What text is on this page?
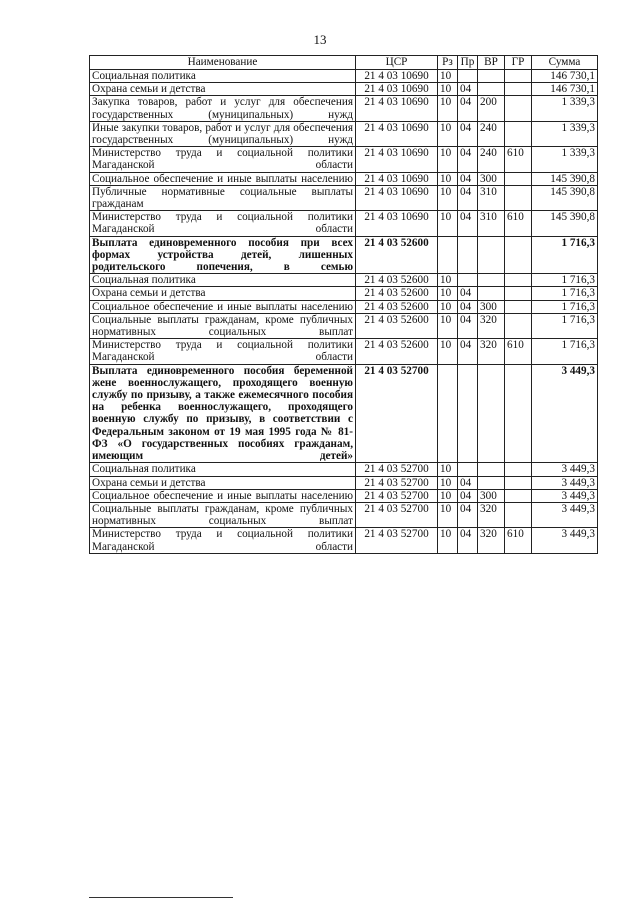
13
Наименование	ЦСР	Рз	Пр	ВР	ГР	Сумма
Социальная политика	21 4 03 10690	10				146 730,1
Охрана семьи и детства	21 4 03 10690	10	04			146 730,1
Закупка товаров, работ и услуг для обеспечения государственных (муниципальных) нужд	21 4 03 10690	10	04	200		1 339,3
Иные закупки товаров, работ и услуг для обеспечения государственных (муниципальных) нужд	21 4 03 10690	10	04	240		1 339,3
Министерство труда и социальной политики Магаданской области	21 4 03 10690	10	04	240	610	1 339,3
Социальное обеспечение и иные выплаты населению	21 4 03 10690	10	04	300		145 390,8
Публичные нормативные социальные выплаты гражданам	21 4 03 10690	10	04	310		145 390,8
Министерство труда и социальной политики Магаданской области	21 4 03 10690	10	04	310	610	145 390,8
Выплата единовременного пособия при всех формах устройства детей, лишенных родительского попечения, в семью	21 4 03 52600					1 716,3
Социальная политика	21 4 03 52600	10				1 716,3
Охрана семьи и детства	21 4 03 52600	10	04			1 716,3
Социальное обеспечение и иные выплаты населению	21 4 03 52600	10	04	300		1 716,3
Социальные выплаты гражданам, кроме публичных нормативных социальных выплат	21 4 03 52600	10	04	320		1 716,3
Министерство труда и социальной политики Магаданской области	21 4 03 52600	10	04	320	610	1 716,3
Выплата единовременного пособия беременной жене военнослужащего, проходящего военную службу по призыву, а также ежемесячного пособия на ребенка военнослужащего, проходящего военную службу по призыву, в соответствии с Федеральным законом от 19 мая 1995 года № 81-ФЗ «О государственных пособиях гражданам, имеющим детей»	21 4 03 52700					3 449,3
Социальная политика	21 4 03 52700	10				3 449,3
Охрана семьи и детства	21 4 03 52700	10	04			3 449,3
Социальное обеспечение и иные выплаты населению	21 4 03 52700	10	04	300		3 449,3
Социальные выплаты гражданам, кроме публичных нормативных социальных выплат	21 4 03 52700	10	04	320		3 449,3
Министерство труда и социальной политики Магаданской области	21 4 03 52700	10	04	320	610	3 449,3
